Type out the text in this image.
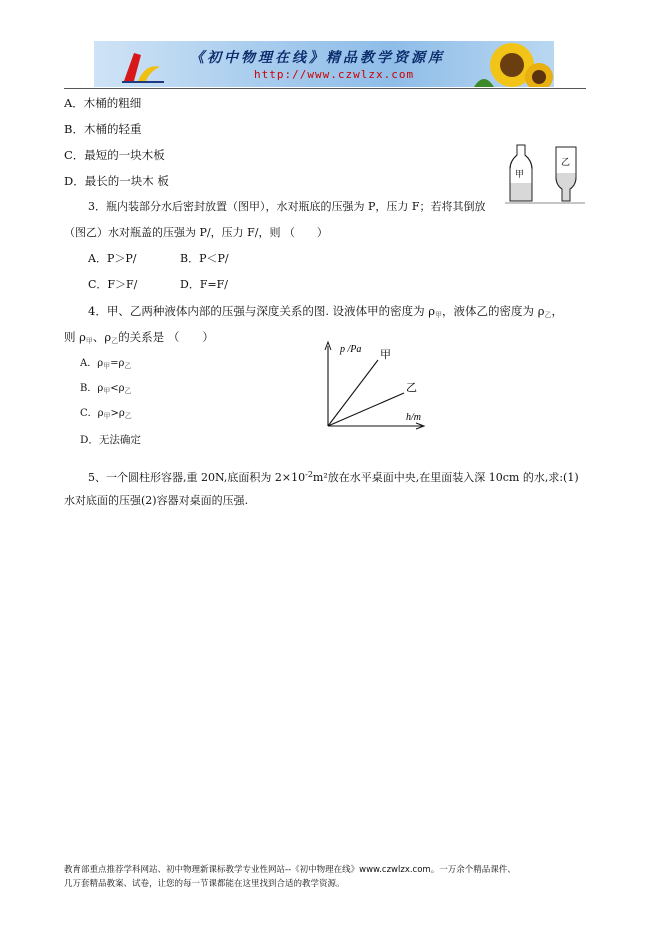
《初中物理在线》精品教学资源库
http://www.czwlzx.com
A．木桶的粗细
B．木桶的轻重
C．最短的一块木板
D．最长的一块木 板	甲
乙
3．瓶内装部分水后密封放置（图甲），水对瓶底的压强为 P，压力 F；若将其倒放
（图乙）水对瓶盖的压强为 P/，压力 F/，则 （　　）
A．P＞P/	B．P＜P/
C．F＞F/	D．F=F/
4．甲、乙两种液体内部的压强与深度关系的图. 设液体甲的密度为 $\rho_甲$，液体乙的密度为 $\rho_乙$，
则 $\rho_甲$、$\rho_乙$的关系是 （　　）
A．$\rho_甲=\rho_乙$
B．$\rho_甲<\rho_乙$
C．$\rho_甲>\rho_乙$
D．无法确定
p /Pa 甲
乙
h/m
5、一个圆柱形容器,重 20N,底面积为 $2\times 10^{-2}m^2$放在水平桌面中央,在里面装入深 10cm 的水,求:(1)
水对底面的压强(2)容器对桌面的压强.
教育部重点推荐学科网站、初中物理新课标教学专业性网站--《初中物理在线》www.czwlzx.com。一万余个精品课件、
几万套精品教案、试卷，让您的每一节课都能在这里找到合适的教学资源。
